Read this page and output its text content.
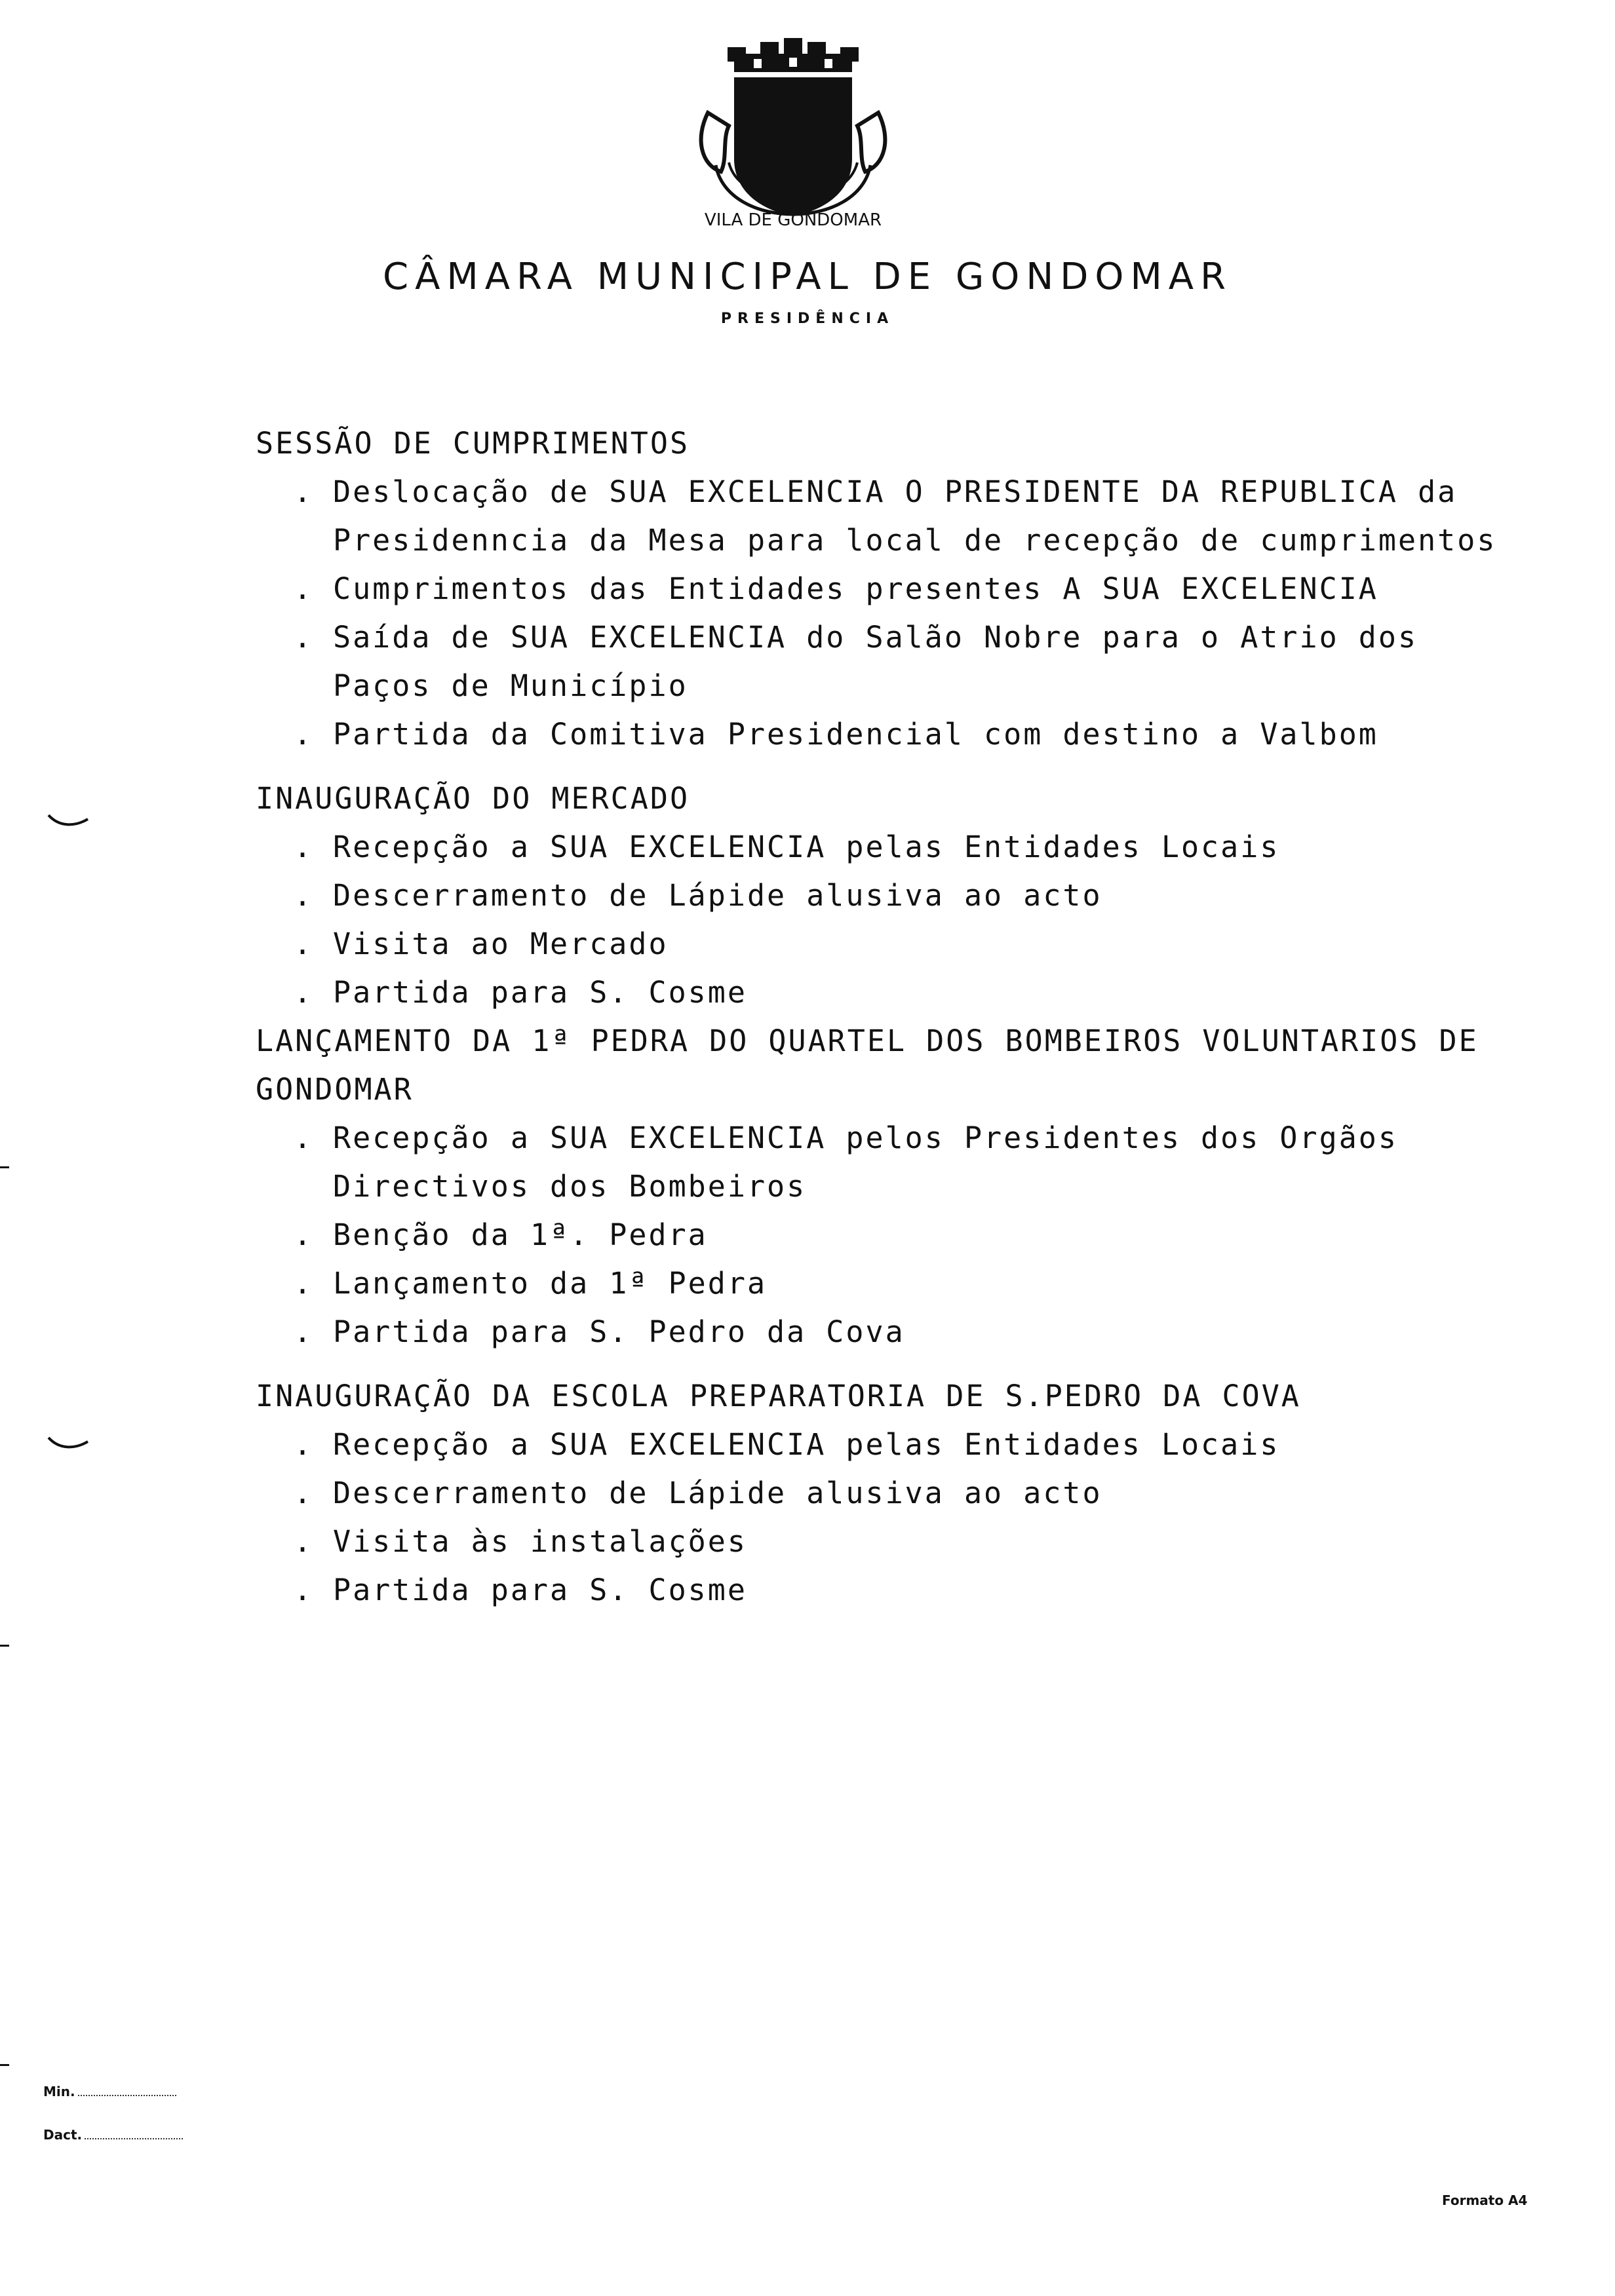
VILA DE GONDOMAR
CÂMARA MUNICIPAL DE GONDOMAR
PRESIDÊNCIA
SESSÃO DE CUMPRIMENTOS
. Deslocação de SUA EXCELENCIA O PRESIDENTE DA REPUBLICA da Presidenncia da Mesa para local de recepção de cumprimentos
. Cumprimentos das Entidades presentes A SUA EXCELENCIA
. Saída de SUA EXCELENCIA do Salão Nobre para o Atrio dos Paços de Município
. Partida da Comitiva Presidencial com destino a Valbom
INAUGURAÇÃO DO MERCADO
. Recepção a SUA EXCELENCIA pelas Entidades Locais
. Descerramento de Lápide alusiva ao acto
. Visita ao Mercado
. Partida para S. Cosme
LANÇAMENTO DA 1ª PEDRA DO QUARTEL DOS BOMBEIROS VOLUNTARIOS DE GONDOMAR
. Recepção a SUA EXCELENCIA pelos Presidentes dos Orgãos Directivos dos Bombeiros
. Benção da 1ª. Pedra
. Lançamento da 1ª Pedra
. Partida para S. Pedro da Cova
INAUGURAÇÃO DA ESCOLA PREPARATORIA DE S.PEDRO DA COVA
. Recepção a SUA EXCELENCIA pelas Entidades Locais
. Descerramento de Lápide alusiva ao acto
. Visita às instalações
. Partida para S. Cosme
Min.
Dact.
Formato A4
